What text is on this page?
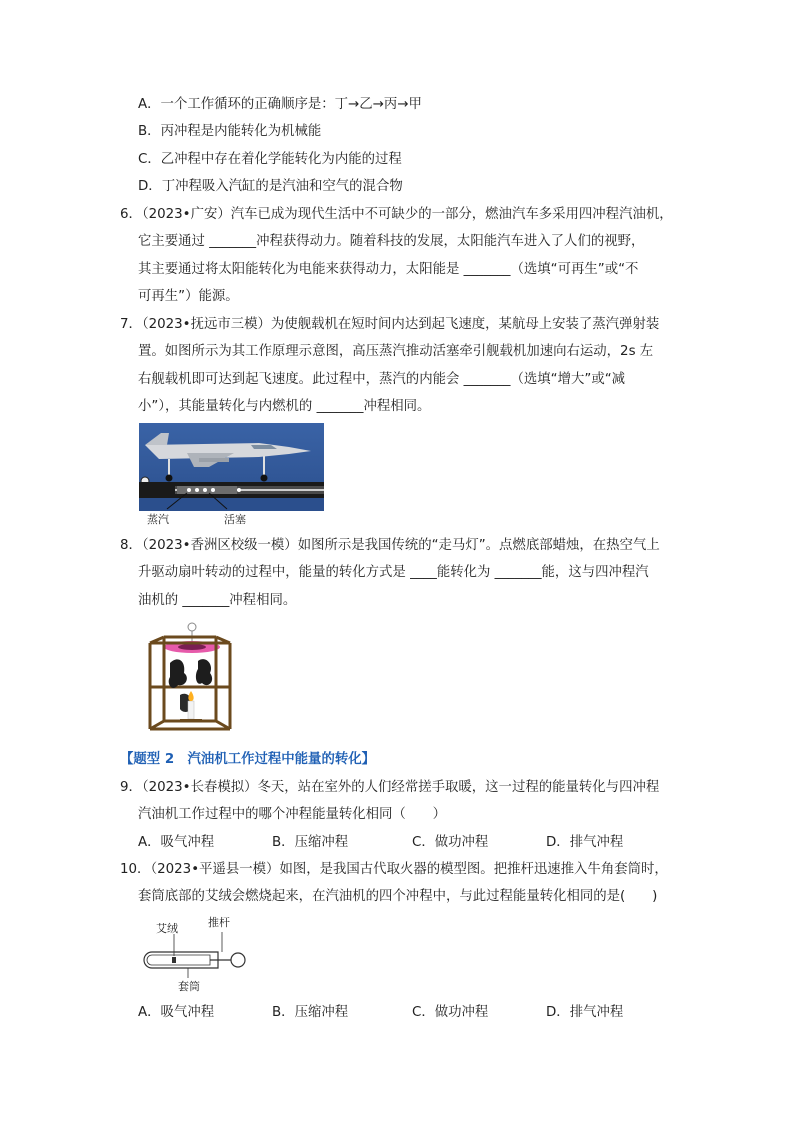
A．一个工作循环的正确顺序是：丁→乙→丙→甲
B．丙冲程是内能转化为机械能
C．乙冲程中存在着化学能转化为内能的过程
D．丁冲程吸入汽缸的是汽油和空气的混合物
6．（2023•广安）汽车已成为现代生活中不可缺少的一部分，燃油汽车多采用四冲程汽油机，
它主要通过 _______冲程获得动力。随着科技的发展，太阳能汽车进入了人们的视野，
其主要通过将太阳能转化为电能来获得动力，太阳能是 _______（选填“可再生”或“不
可再生”）能源。
7．（2023•抚远市三模）为使舰载机在短时间内达到起飞速度，某航母上安装了蒸汽弹射装
置。如图所示为其工作原理示意图，高压蒸汽推动活塞牵引舰载机加速向右运动，2s 左
右舰载机即可达到起飞速度。此过程中，蒸汽的内能会 _______（选填“增大”或“减
小”），其能量转化与内燃机的 _______冲程相同。
蒸汽	活塞
8．（2023•香洲区校级一模）如图所示是我国传统的“走马灯”。点燃底部蜡烛，在热空气上
升驱动扇叶转动的过程中，能量的转化方式是 ____能转化为 _______能，这与四冲程汽
油机的 _______冲程相同。
【题型 2　汽油机工作过程中能量的转化】
9．（2023•长春模拟）冬天，站在室外的人们经常搓手取暖，这一过程的能量转化与四冲程
汽油机工作过程中的哪个冲程能量转化相同（　　）
A．吸气冲程	B．压缩冲程	C．做功冲程	D．排气冲程
10．（2023•平遥县一模）如图，是我国古代取火器的模型图。把推杆迅速推入牛角套筒时，
套筒底部的艾绒会燃烧起来，在汽油机的四个冲程中，与此过程能量转化相同的是(　　)
艾绒	推杆
套筒
A．吸气冲程	B．压缩冲程	C．做功冲程	D．排气冲程
